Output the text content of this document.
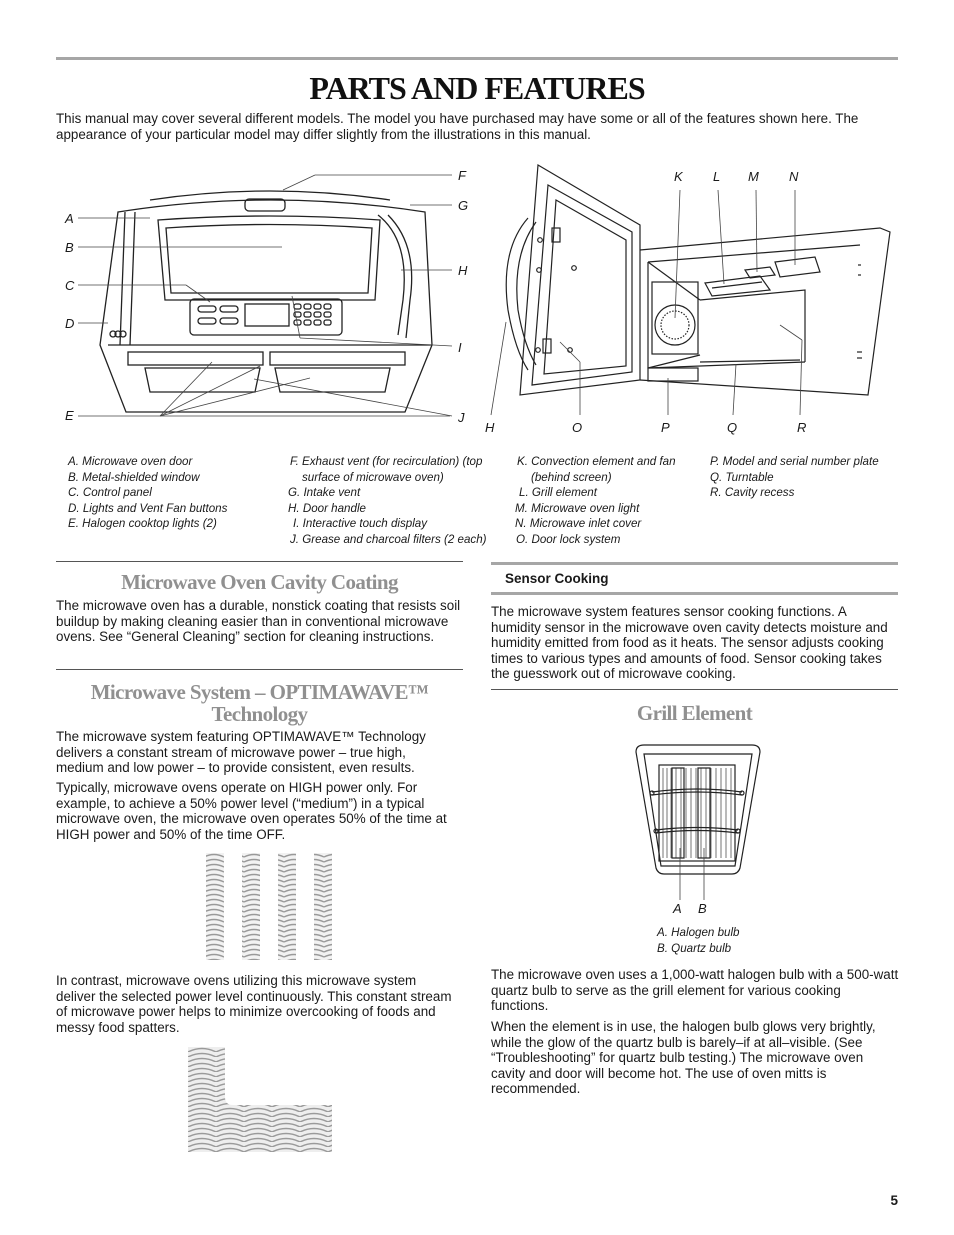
PARTS AND FEATURES
This manual may cover several different models. The model you have purchased may have some or all of the features shown here. The appearance of your particular model may differ slightly from the illustrations in this manual.
A
B
C
D
E
F
G
H
I
J
K L M N
H	O	P	Q	R
A. Microwave oven door
B. Metal-shielded window
C. Control panel
D. Lights and Vent Fan buttons
E. Halogen cooktop lights (2)
F. Exhaust vent (for recirculation) (top
surface of microwave oven)
G. Intake vent
H. Door handle
I. Interactive touch display
J. Grease and charcoal filters (2 each)
K. Convection element and fan
(behind screen)
L. Grill element
M. Microwave oven light
N. Microwave inlet cover
O. Door lock system
P. Model and serial number plate
Q. Turntable
R. Cavity recess
Microwave Oven Cavity Coating
The microwave oven has a durable, nonstick coating that resists soil buildup by making cleaning easier than in conventional microwave ovens. See “General Cleaning” section for cleaning instructions.
Microwave System – OPTIMAWAVE™
Technology
The microwave system featuring OPTIMAWAVE™ Technology delivers a constant stream of microwave power – true high, medium and low power – to provide consistent, even results.
Typically, microwave ovens operate on HIGH power only. For example, to achieve a 50% power level (“medium”) in a typical microwave oven, the microwave oven operates 50% of the time at HIGH power and 50% of the time OFF.
In contrast, microwave ovens utilizing this microwave system deliver the selected power level continuously. This constant stream of microwave power helps to minimize overcooking of foods and messy food spatters.
Sensor Cooking
The microwave system features sensor cooking functions. A humidity sensor in the microwave oven cavity detects moisture and humidity emitted from food as it heats. The sensor adjusts cooking times to various types and amounts of food. Sensor cooking takes the guesswork out of microwave cooking.
Grill Element
A B
A. Halogen bulb
B. Quartz bulb
The microwave oven uses a 1,000-watt halogen bulb with a 500-watt quartz bulb to serve as the grill element for various cooking functions.
When the element is in use, the halogen bulb glows very brightly, while the glow of the quartz bulb is barely–if at all–visible. (See “Troubleshooting” for quartz bulb testing.) The microwave oven cavity and door will become hot. The use of oven mitts is recommended.
5
